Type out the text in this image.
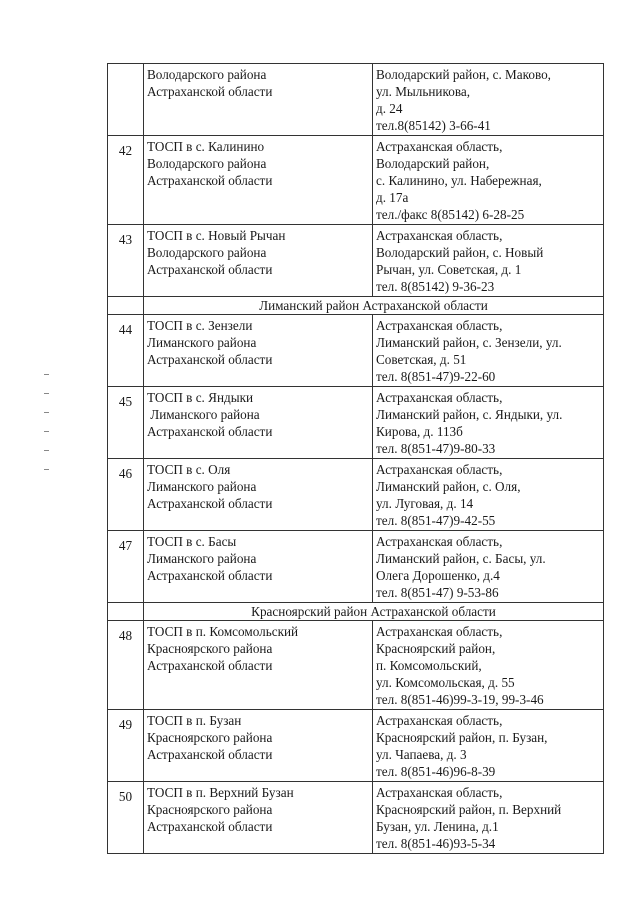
	Володарского района
Астраханской области	Володарский район, с. Маково,
ул. Мыльникова,
д. 24
тел.8(85142) 3-66-41

42	ТОСП в с. Калинино
Володарского района
Астраханской области	Астраханская область,
Володарский район,
с. Калинино, ул. Набережная,
д. 17а
тел./факс 8(85142) 6-28-25

43	ТОСП в с. Новый Рычан
Володарского района
Астраханской области	Астраханская область,
Володарский район, с. Новый
Рычан, ул. Советская, д. 1
тел. 8(85142) 9-36-23

	Лиманский район Астраханской области	
44	ТОСП в с. Зензели
Лиманского района
Астраханской области	Астраханская область,
Лиманский район, с. Зензели, ул.
Советская, д. 51
тел. 8(851-47)9-22-60

45	ТОСП в с. Яндыки
Лиманского района
Астраханской области	Астраханская область,
Лиманский район, с. Яндыки, ул.
Кирова, д. 113б
тел. 8(851-47)9-80-33

46	ТОСП в с. Оля
Лиманского района
Астраханской области	Астраханская область,
Лиманский район, с. Оля,
ул. Луговая, д. 14
тел. 8(851-47)9-42-55

47	ТОСП в с. Басы
Лиманского района
Астраханской области	Астраханская область,
Лиманский район, с. Басы, ул.
Олега Дорошенко, д.4
тел. 8(851-47) 9-53-86

	Красноярский район Астраханской области	
48	ТОСП в п. Комсомольский
Красноярского района
Астраханской области	Астраханская область,
Красноярский район,
п. Комсомольский,
ул. Комсомольская, д. 55
тел. 8(851-46)99-3-19, 99-3-46

49	ТОСП в п. Бузан
Красноярского района
Астраханской области	Астраханская область,
Красноярский район, п. Бузан,
ул. Чапаева, д. 3
тел. 8(851-46)96-8-39

50	ТОСП в п. Верхний Бузан
Красноярского района
Астраханской области	Астраханская область,
Красноярский район, п. Верхний
Бузан, ул. Ленина, д.1
тел. 8(851-46)93-5-34
